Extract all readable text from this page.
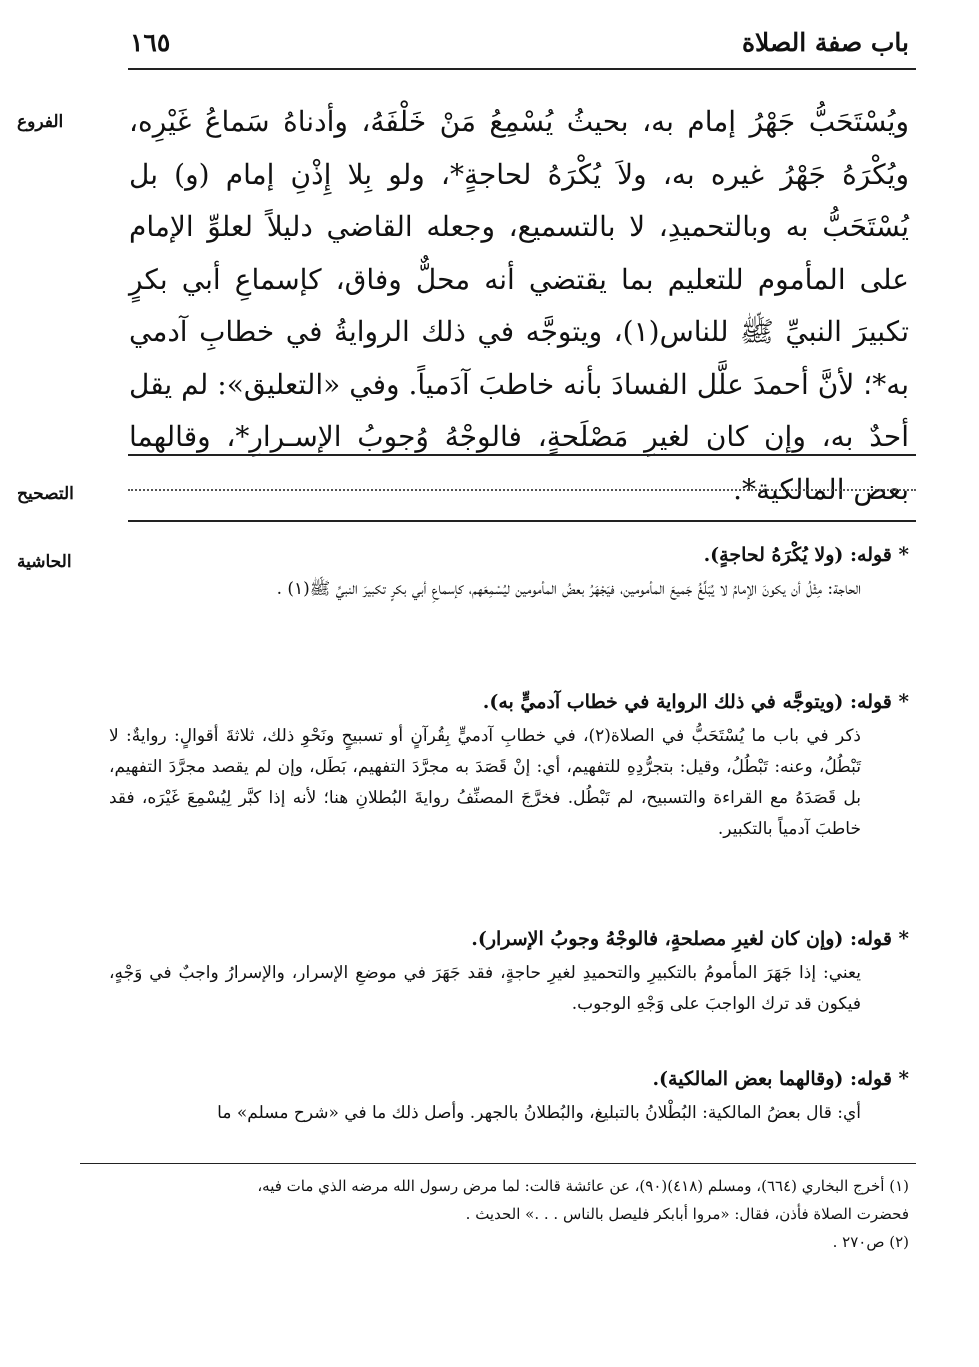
باب صفة الصلاة
١٦٥
الفروع	ويُسْتَحَبُّ جَهْرُ إمام به، بحيثُ يُسْمِعُ مَنْ خَلْفَهُ، وأدناهُ سَماعُ غَيْرِه، ويُكْرَهُ جَهْرُ غيره به، ولاَ يُكْرَهُ لحاجةٍ*، ولو بِلا إِذْنِ إمام (و) بل يُسْتَحَبُّ به وبالتحميدِ، لا بالتسميع، وجعله القاضي دليلاً لعلوِّ الإمام على المأموم للتعليم بما يقتضي أنه محلٌّ وفاق، كإسماعِ أبي بكرٍ تكبيرَ النبيِّ ﷺ للناس(١)، ويتوجَّه في ذلك الروايةُ في خطابِ آدمي به*؛ لأنَّ أحمدَ علَّل الفسادَ بأنه خاطبَ آدَمياً. وفي «التعليق»: لم يقل أحدٌ به، وإن كان لغيرِ مَصْلَحةٍ، فالوجْهُ وُجوبُ الإسـرارِ*، وقالهما بعض المالكية*.

التصحيح
الحاشية	* قوله: (ولا يُكْرَهُ لحاجةٍ).

الحاجة: مِثْلُ أن يكونَ الإمامُ لا يُبَلِّغُ جَميعَ المأمومين، فيَجْهَرُ بعضُ المأمومين ليُسْمِعَهم، كإسماعِ أبي بكرٍ تكبيرَ النبيِّ ﷺ(١) .

* قوله: (ويتوجَّه في ذلك الرواية في خطاب آدميٍّ به).

ذكر في باب ما يُسْتَحَبُّ في الصلاة(٢)، في خطابِ آدميٍّ بِقُرآنٍ أو تسبيحٍ ونَحْوِ ذلك، ثلاثةَ أقوالٍ: روايةٌ: لا تَبْطُلُ، وعنه: تَبْطُلُ، وقيل: بتجرُّدِهِ للتفهيم، أي: إنْ قَصَدَ به مجرَّدَ التفهيم، بَطَل، وإن لم يقصد مجرَّدَ التفهيم، بل قَصَدَهُ مع القراءة والتسبيح، لم تَبْطُل. فخرَّجَ المصنِّفُ روايةَ البُطلانِ هنا؛ لأنه إذا كبَّر لِيُسْمِعَ غَيْرَه، فقد خاطبَ آدمياً بالتكبير.

* قوله: (وإن كان لغيرِ مصلحةٍ، فالوجْهُ وجوبُ الإسرار).

يعني: إذا جَهَرَ المأمومُ بالتكبيرِ والتحميدِ لغيرِ حاجةٍ، فقد جَهَرَ في موضعِ الإسرار، والإسرارُ واجبٌ في وَجْهٍ، فيكون قد ترك الواجبَ على وَجْهِ الوجوب.

* قوله: (وقالهما بعض المالكية).

أي: قال بعضُ المالكية: البُطْلانُ بالتبليغ، والبُطلانُ بالجهر. وأصل ذلك ما في «شرح مسلم» ما

(١) أخرج البخاري (٦٦٤)، ومسلم (٤١٨)(٩٠)، عن عائشة قالت: لما مرض رسول الله مرضه الذي مات فيه،

فحضرت الصلاة فأذن، فقال: «مروا أبابكر فليصل بالناس . . .» الحديث .

(٢) ص٢٧٠ .
